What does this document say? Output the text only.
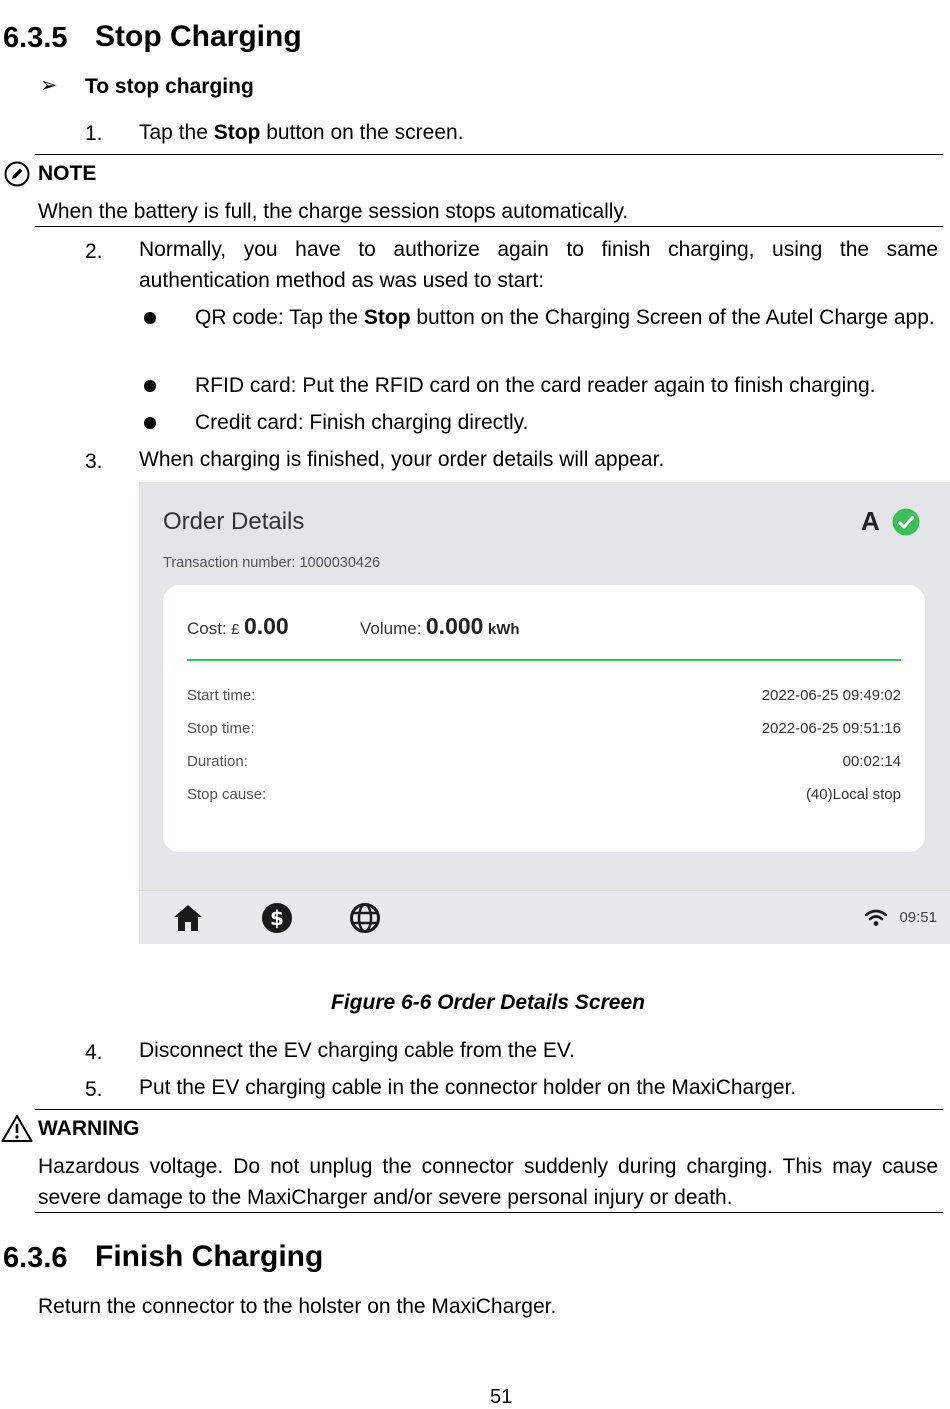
6.3.5 Stop Charging
➢ To stop charging
1. Tap the Stop button on the screen.
NOTE
When the battery is full, the charge session stops automatically.
2. Normally, you have to authorize again to finish charging, using the same authentication method as was used to start:
QR code: Tap the Stop button on the Charging Screen of the Autel Charge app.
RFID card: Put the RFID card on the card reader again to finish charging.
Credit card: Finish charging directly.
3. When charging is finished, your order details will appear.
Order Details	A
Transaction number: 1000030426
Cost: £ 0.00	Volume: 0.000 kWh
Start time:	2022-06-25 09:49:02
Stop time:	2022-06-25 09:51:16
Duration:	00:02:14
Stop cause:	(40)Local stop
$	09:51
Figure 6-6 Order Details Screen
4. Disconnect the EV charging cable from the EV.
5. Put the EV charging cable in the connector holder on the MaxiCharger.
WARNING
Hazardous voltage. Do not unplug the connector suddenly during charging. This may cause severe damage to the MaxiCharger and/or severe personal injury or death.
6.3.6 Finish Charging
Return the connector to the holster on the MaxiCharger.
51
